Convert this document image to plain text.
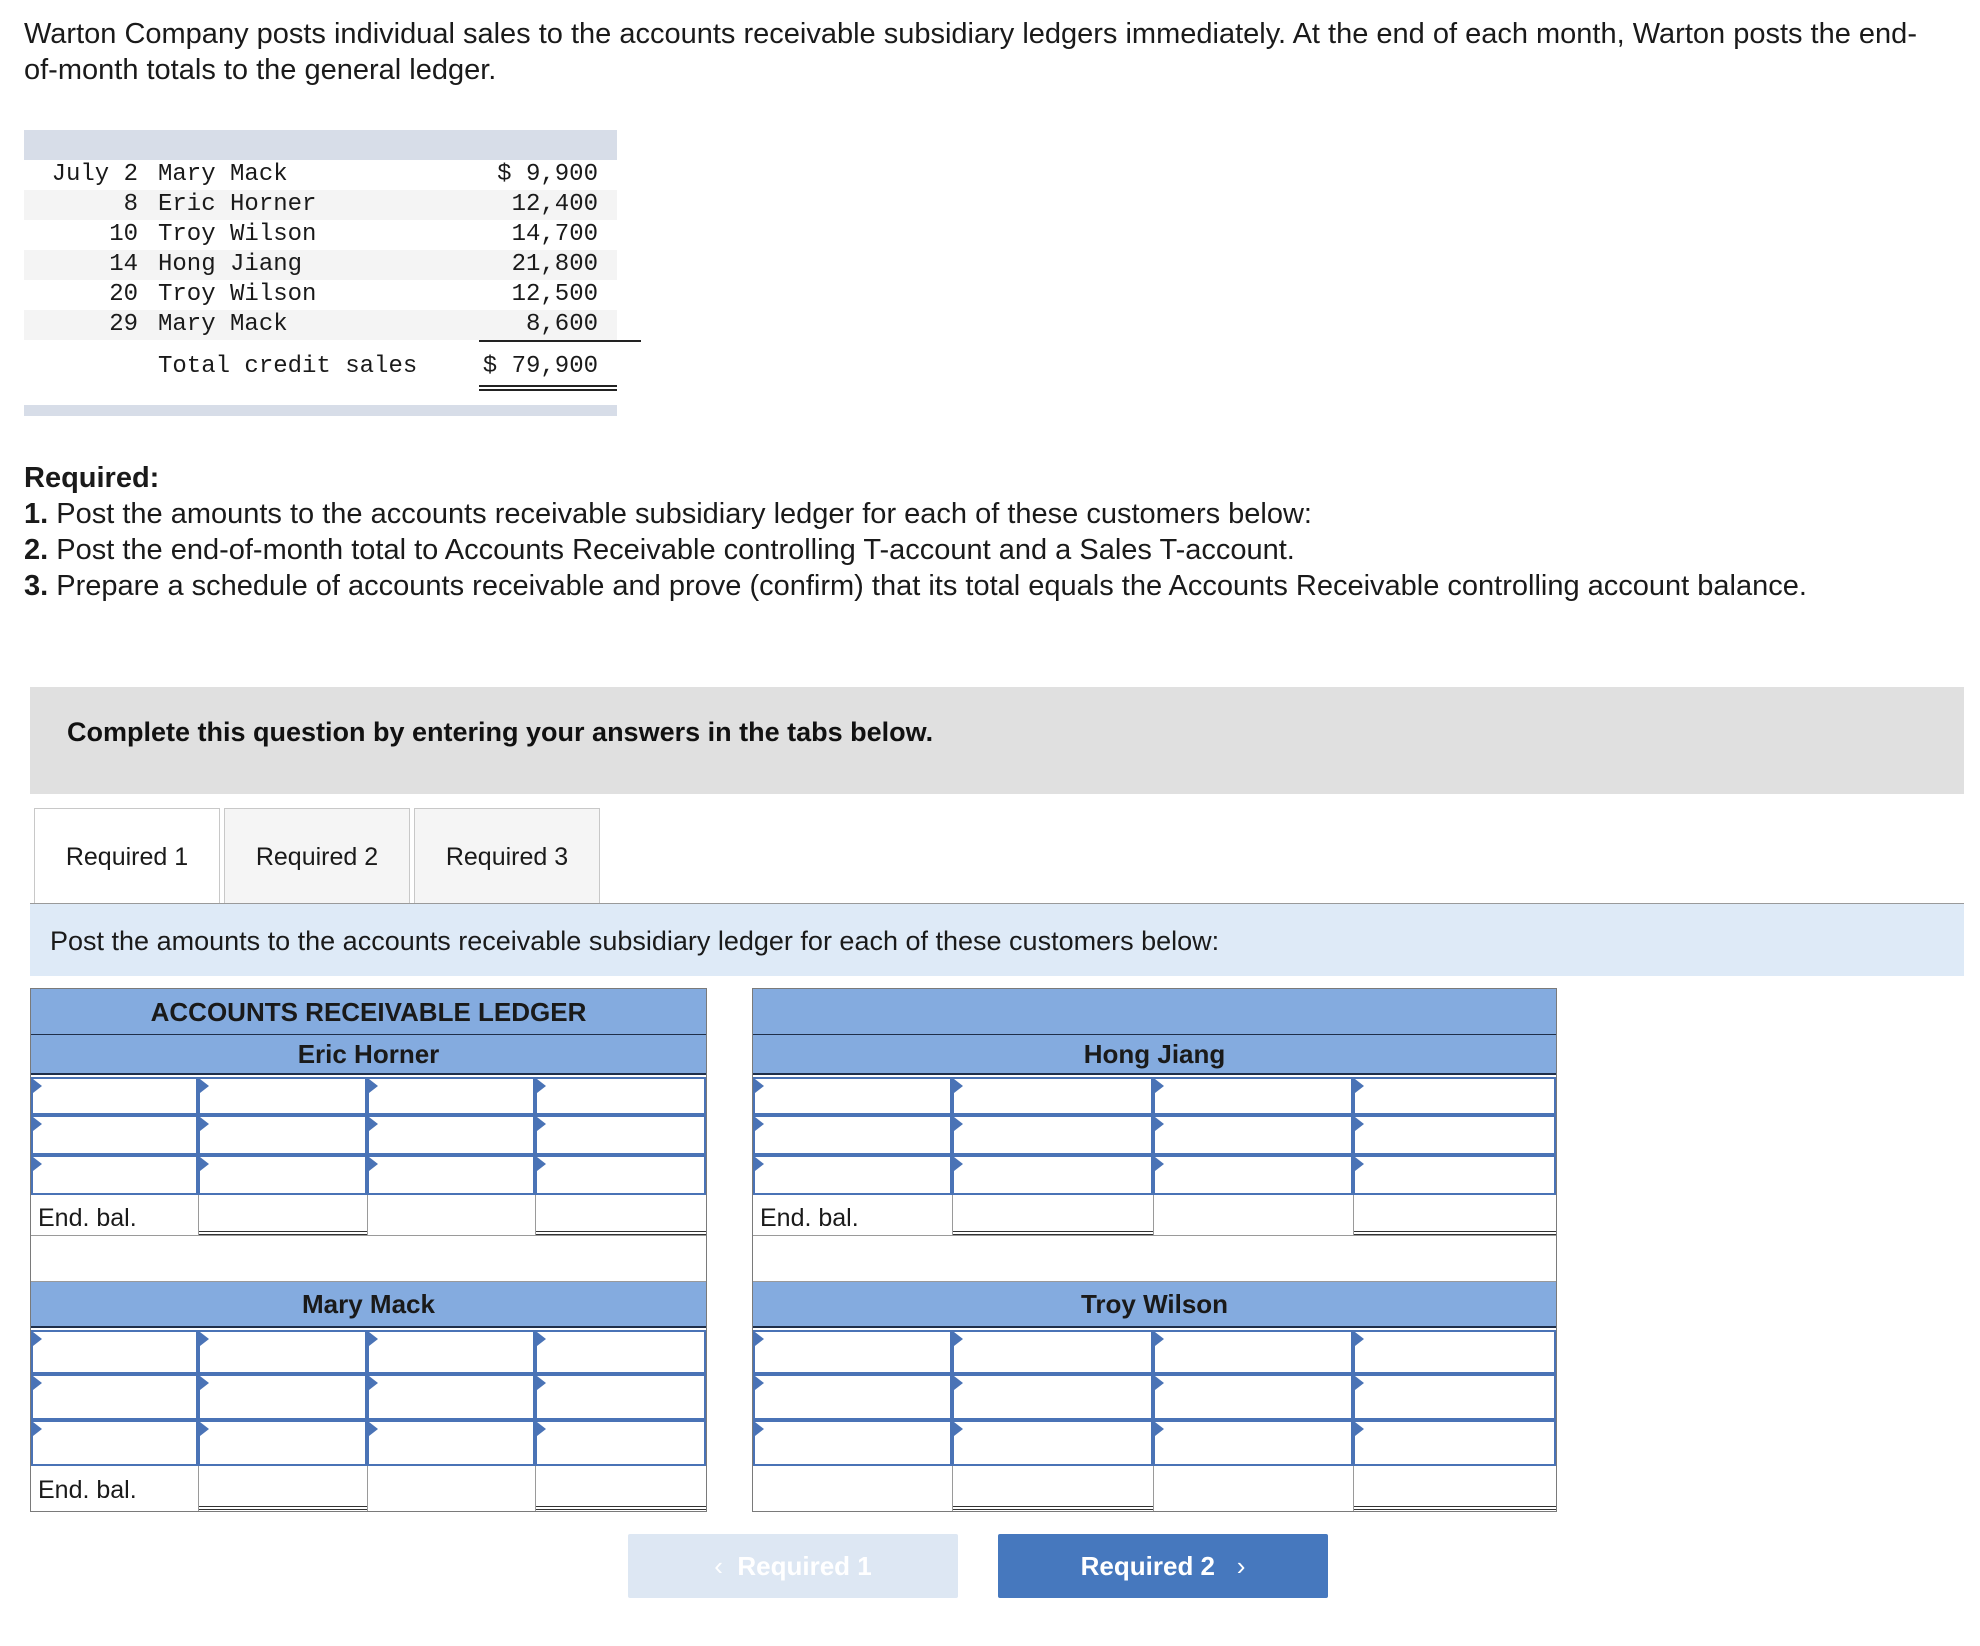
Warton Company posts individual sales to the accounts receivable subsidiary ledgers immediately. At the end of each month, Warton posts the end-of-month totals to the general ledger.

July 2 Mary Mack	$ 9,900
8 Eric Horner	12,400
10 Troy Wilson	14,700
14 Hong Jiang	21,800
20 Troy Wilson	12,500
29 Mary Mack	8,600
Total credit sales	$ 79,900

Required:

1. Post the amounts to the accounts receivable subsidiary ledger for each of these customers below:

2. Post the end-of-month total to Accounts Receivable controlling T-account and a Sales T-account.

3. Prepare a schedule of accounts receivable and prove (confirm) that its total equals the Accounts Receivable controlling account balance.

Complete this question by entering your answers in the tabs below.
Required 1	Required 2	Required 3
Post the amounts to the accounts receivable subsidiary ledger for each of these customers below:
ACCOUNTS RECEIVABLE LEDGER
Eric Horner
End. bal.
Mary Mack
End. bal.
Hong Jiang
End. bal.
Troy Wilson
‹ Required 1	Required 2 ›
